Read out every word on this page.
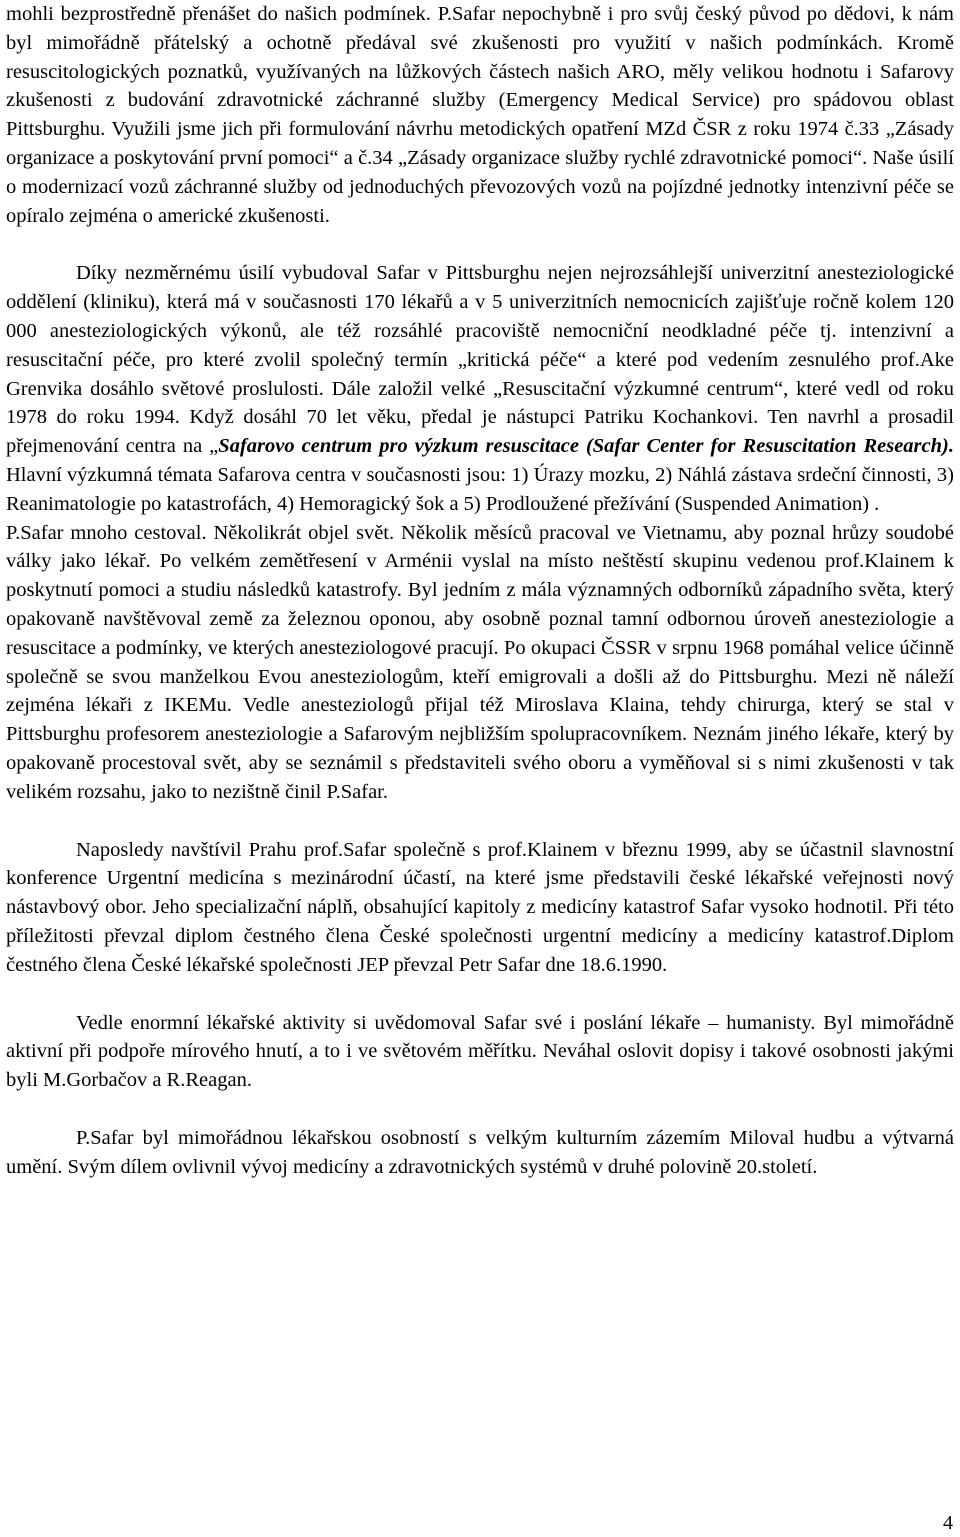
mohli bezprostředně přenášet do našich podmínek. P.Safar nepochybně i pro svůj český původ po dědovi, k nám byl mimořádně přátelský a ochotně předával své zkušenosti pro využití v našich podmínkách. Kromě resuscitologických poznatků, využívaných na lůžkových částech našich ARO, měly velikou hodnotu i Safarovy zkušenosti z budování zdravotnické záchranné služby (Emergency Medical Service) pro spádovou oblast Pittsburghu. Využili jsme jich při formulování návrhu metodických opatření MZd ČSR z roku 1974 č.33 „Zásady organizace a poskytování první pomoci“ a č.34 „Zásady organizace služby rychlé zdravotnické pomoci“. Naše úsilí o modernizací vozů záchranné služby od jednoduchých převozových vozů na pojízdné jednotky intenzivní péče se opíralo zejména o americké zkušenosti.

Díky nezměrnému úsilí vybudoval Safar v Pittsburghu nejen nejrozsáhlejší univerzitní anesteziologické oddělení (kliniku), která má v současnosti 170 lékařů a v 5 univerzitních nemocnicích zajišťuje ročně kolem 120 000 anesteziologických výkonů, ale též rozsáhlé pracoviště nemocniční neodkladné péče tj. intenzivní a resuscitační péče, pro které zvolil společný termín „kritická péče“ a které pod vedením zesnulého prof.Ake Grenvika dosáhlo světové proslulosti. Dále založil velké „Resuscitační výzkumné centrum“, které vedl od roku 1978 do roku 1994. Když dosáhl 70 let věku, předal je nástupci Patriku Kochankovi. Ten navrhl a prosadil přejmenování centra na „Safarovo centrum pro výzkum resuscitace (Safar Center for Resuscitation Research). Hlavní výzkumná témata Safarova centra v současnosti jsou: 1) Úrazy mozku, 2) Náhlá zástava srdeční činnosti, 3) Reanimatologie po katastrofách, 4) Hemoragický šok a 5) Prodloužené přežívání (Suspended Animation) .

P.Safar mnoho cestoval. Několikrát objel svět. Několik měsíců pracoval ve Vietnamu, aby poznal hrůzy soudobé války jako lékař. Po velkém zemětřesení v Arménii vyslal na místo neštěstí skupinu vedenou prof.Klainem k poskytnutí pomoci a studiu následků katastrofy. Byl jedním z mála významných odborníků západního světa, který opakovaně navštěvoval země za železnou oponou, aby osobně poznal tamní odbornou úroveň anesteziologie a resuscitace a podmínky, ve kterých anesteziologové pracují. Po okupaci ČSSR v srpnu 1968 pomáhal velice účinně společně se svou manželkou Evou anesteziologům, kteří emigrovali a došli až do Pittsburghu. Mezi ně náleží zejména lékaři z IKEMu. Vedle anesteziologů přijal též Miroslava Klaina, tehdy chirurga, který se stal v Pittsburghu profesorem anesteziologie a Safarovým nejbližším spolupracovníkem. Neznám jiného lékaře, který by opakovaně procestoval svět, aby se seznámil s představiteli svého oboru a vyměňoval si s nimi zkušenosti v tak velikém rozsahu, jako to nezištně činil P.Safar.

Naposledy navštívil Prahu prof.Safar společně s prof.Klainem v březnu 1999, aby se účastnil slavnostní konference Urgentní medicína s mezinárodní účastí, na které jsme představili české lékařské veřejnosti nový nástavbový obor. Jeho specializační náplň, obsahující kapitoly z medicíny katastrof Safar vysoko hodnotil. Při této příležitosti převzal diplom čestného člena České společnosti urgentní medicíny a medicíny katastrof.Diplom čestného člena České lékařské společnosti JEP převzal Petr Safar dne 18.6.1990.

Vedle enormní lékařské aktivity si uvědomoval Safar své i poslání lékaře – humanisty. Byl mimořádně aktivní při podpoře mírového hnutí, a to i ve světovém měřítku. Neváhal oslovit dopisy i takové osobnosti jakými byli M.Gorbačov a R.Reagan.

P.Safar byl mimořádnou lékařskou osobností s velkým kulturním zázemím Miloval hudbu a výtvarná umění. Svým dílem ovlivnil vývoj medicíny a zdravotnických systémů v druhé polovině 20.století.

4
